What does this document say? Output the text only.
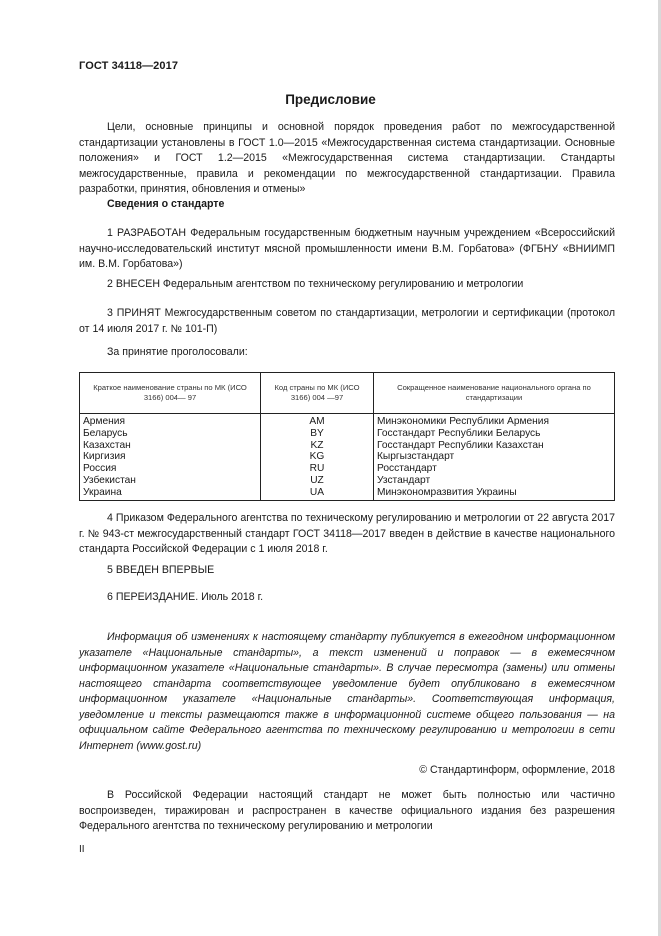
ГОСТ 34118—2017
Предисловие
Цели, основные принципы и основной порядок проведения работ по межгосударственной стандартизации установлены в ГОСТ 1.0—2015 «Межгосударственная система стандартизации. Основные положения» и ГОСТ 1.2—2015 «Межгосударственная система стандартизации. Стандарты межгосударственные, правила и рекомендации по межгосударственной стандартизации. Правила разработки, принятия, обновления и отмены»
Сведения о стандарте
1 РАЗРАБОТАН Федеральным государственным бюджетным научным учреждением «Всероссийский научно-исследовательский институт мясной промышленности имени В.М. Горбатова» (ФГБНУ «ВНИИМП им. В.М. Горбатова»)
2 ВНЕСЕН Федеральным агентством по техническому регулированию и метрологии
3 ПРИНЯТ Межгосударственным советом по стандартизации, метрологии и сертификации (протокол от 14 июля 2017 г. № 101-П)
За принятие проголосовали:
Краткое наименование страны по МК (ИСО 3166) 004— 97	Код страны по МК (ИСО 3166) 004 —97	Сокращенное наименование национального органа по стандартизации
Армения	AM	Минэкономики Республики Армения
Беларусь	BY	Госстандарт Республики Беларусь
Казахстан	KZ	Госстандарт Республики Казахстан
Киргизия	KG	Кыргызстандарт
Россия	RU	Росстандарт
Узбекистан	UZ	Узстандарт
Украина	UA	Минэкономразвития Украины
4 Приказом Федерального агентства по техническому регулированию и метрологии от 22 августа 2017 г. № 943-ст межгосударственный стандарт ГОСТ 34118—2017 введен в действие в качестве национального стандарта Российской Федерации с 1 июля 2018 г.
5 ВВЕДЕН ВПЕРВЫЕ
6 ПЕРЕИЗДАНИЕ. Июль 2018 г.
Информация об изменениях к настоящему стандарту публикуется в ежегодном информационном указателе «Национальные стандарты», а текст изменений и поправок — в ежемесячном информационном указателе «Национальные стандарты». В случае пересмотра (замены) или отмены настоящего стандарта соответствующее уведомление будет опубликовано в ежемесячном информационном указателе «Национальные стандарты». Соответствующая информация, уведомление и тексты размещаются также в информационной системе общего пользования — на официальном сайте Федерального агентства по техническому регулированию и метрологии в сети Интернет (www.gost.ru)
© Стандартинформ, оформление, 2018
В Российской Федерации настоящий стандарт не может быть полностью или частично воспроизведен, тиражирован и распространен в качестве официального издания без разрешения Федерального агентства по техническому регулированию и метрологии
II
